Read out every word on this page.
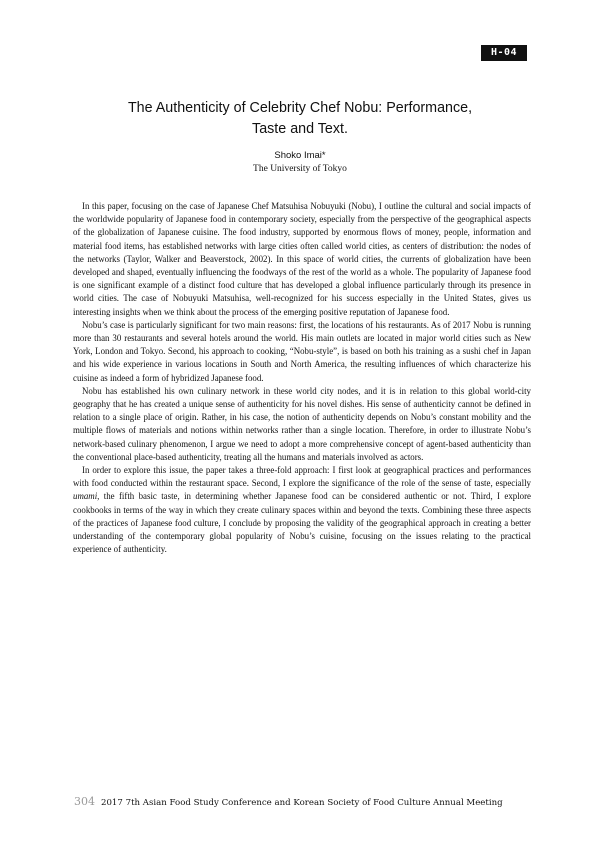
H-04
The Authenticity of Celebrity Chef Nobu: Performance,
Taste and Text.
Shoko Imai*
The University of Tokyo

In this paper, focusing on the case of Japanese Chef Matsuhisa Nobuyuki (Nobu), I outline the cultural and social impacts of the worldwide popularity of Japanese food in contemporary society, especially from the perspective of the geographical aspects of the globalization of Japanese cuisine. The food industry, supported by enormous flows of money, people, information and material food items, has established networks with large cities often called world cities, as centers of distribution: the nodes of the networks (Taylor, Walker and Beaverstock, 2002). In this space of world cities, the currents of globalization have been developed and shaped, eventually influencing the foodways of the rest of the world as a whole. The popularity of Japanese food is one significant example of a distinct food culture that has developed a global influence particularly through its presence in world cities. The case of Nobuyuki Matsuhisa, well-recognized for his success especially in the United States, gives us interesting insights when we think about the process of the emerging positive reputation of Japanese food.

Nobu’s case is particularly significant for two main reasons: first, the locations of his restaurants. As of 2017 Nobu is running more than 30 restaurants and several hotels around the world. His main outlets are located in major world cities such as New York, London and Tokyo. Second, his approach to cooking, “Nobu-style”, is based on both his training as a sushi chef in Japan and his wide experience in various locations in South and North America, the resulting influences of which characterize his cuisine as indeed a form of hybridized Japanese food.

Nobu has established his own culinary network in these world city nodes, and it is in relation to this global world-city geography that he has created a unique sense of authenticity for his novel dishes. His sense of authenticity cannot be defined in relation to a single place of origin. Rather, in his case, the notion of authenticity depends on Nobu’s constant mobility and the multiple flows of materials and notions within networks rather than a single location. Therefore, in order to illustrate Nobu’s network-based culinary phenomenon, I argue we need to adopt a more comprehensive concept of agent-based authenticity than the conventional place-based authenticity, treating all the humans and materials involved as actors.

In order to explore this issue, the paper takes a three-fold approach: I first look at geographical practices and performances with food conducted within the restaurant space. Second, I explore the significance of the role of the sense of taste, especially umami, the fifth basic taste, in determining whether Japanese food can be considered authentic or not. Third, I explore cookbooks in terms of the way in which they create culinary spaces within and beyond the texts. Combining these three aspects of the practices of Japanese food culture, I conclude by proposing the validity of the geographical approach in creating a better understanding of the contemporary global popularity of Nobu’s cuisine, focusing on the issues relating to the practical experience of authenticity.

304 2017 7th Asian Food Study Conference and Korean Society of Food Culture Annual Meeting
